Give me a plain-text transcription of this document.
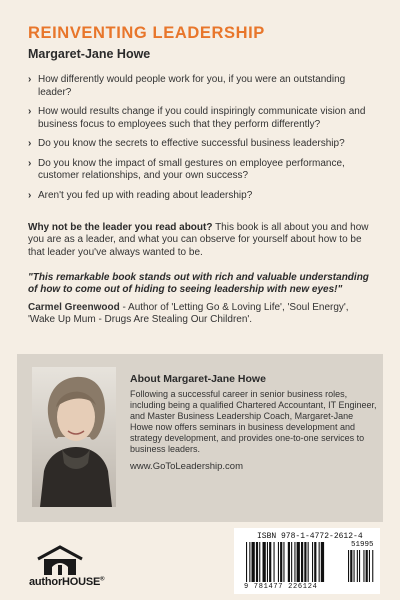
REINVENTING LEADERSHIP
Margaret-Jane Howe
› How differently would people work for you, if you were an outstanding leader?
› How would results change if you could inspiringly communicate vision and business focus to employees such that they perform differently?
› Do you know the secrets to effective successful business leadership?
› Do you know the impact of small gestures on employee performance, customer relationships, and your own success?
› Aren't you fed up with reading about leadership?

Why not be the leader you read about? This book is all about you and how you are as a leader, and what you can observe for yourself about how to be that leader you've always wanted to be.

"This remarkable book stands out with rich and valuable understanding of how to come out of hiding to seeing leadership with new eyes!"

Carmel Greenwood - Author of 'Letting Go & Loving Life', 'Soul Energy', 'Wake Up Mum - Drugs Are Stealing Our Children'.

About Margaret-Jane Howe

Following a successful career in senior business roles, including being a qualified Chartered Accountant, IT Engineer, and Master Business Leadership Coach, Margaret-Jane Howe now offers seminars in business development and strategy development, and provides one-to-one services to business leaders.

www.GoToLeadership.com
authorHOUSE®
ISBN 978-1-4772-2612-4
51995
9 781477 226124
